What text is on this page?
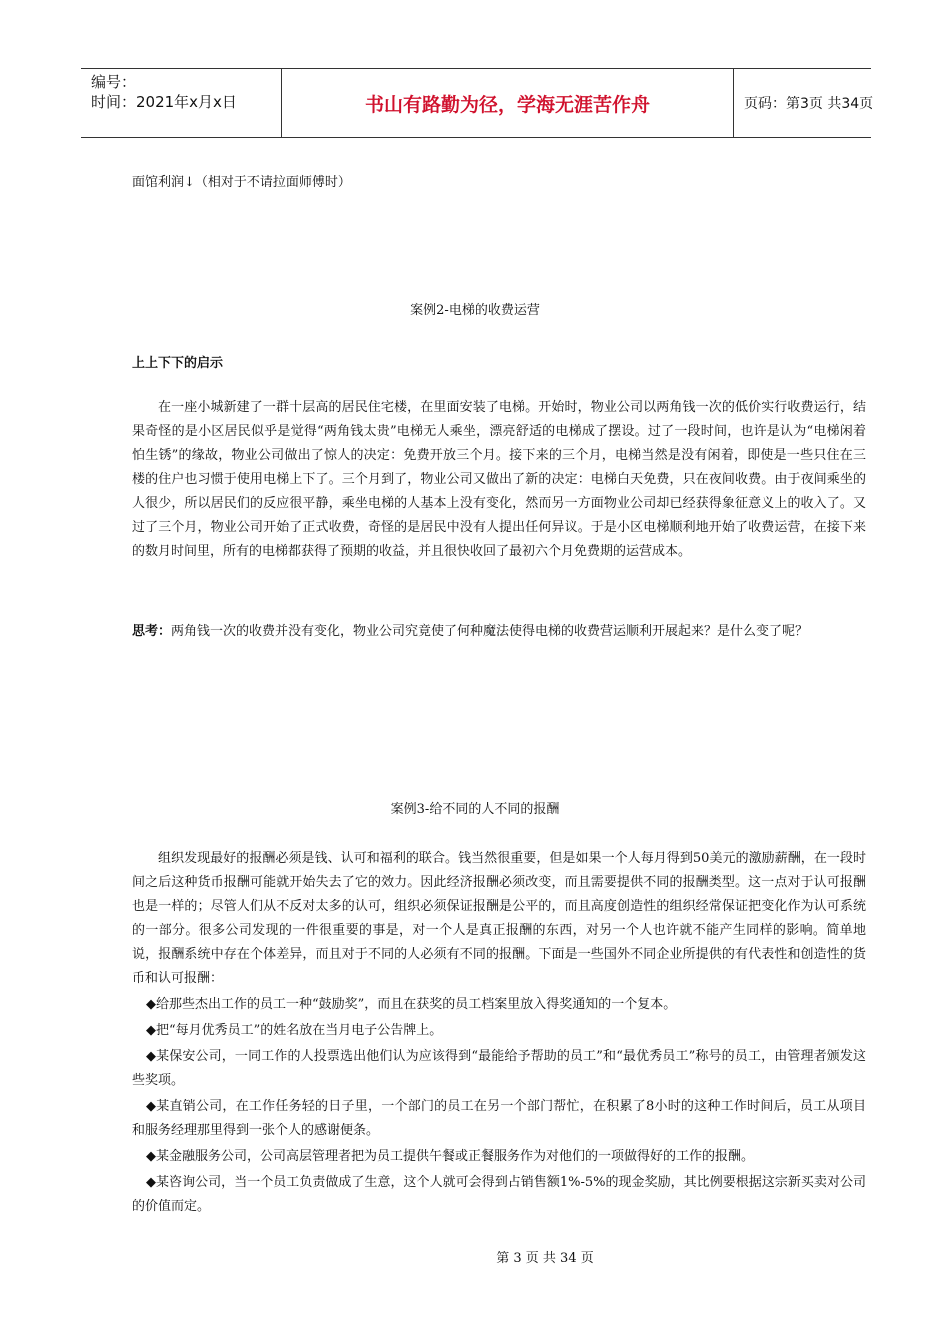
编号：
时间：2021年x月x日	书山有路勤为径，学海无涯苦作舟	页码：第3页 共34页
面馆利润↓（相对于不请拉面师傅时）
案例2-电梯的收费运营
上上下下的启示

在一座小城新建了一群十层高的居民住宅楼，在里面安装了电梯。开始时，物业公司以两角钱一次的低价实行收费运行，结果奇怪的是小区居民似乎是觉得“两角钱太贵”电梯无人乘坐，漂亮舒适的电梯成了摆设。过了一段时间，也许是认为“电梯闲着怕生锈”的缘故，物业公司做出了惊人的决定：免费开放三个月。接下来的三个月，电梯当然是没有闲着，即使是一些只住在三楼的住户也习惯于使用电梯上下了。三个月到了，物业公司又做出了新的决定：电梯白天免费，只在夜间收费。由于夜间乘坐的人很少，所以居民们的反应很平静，乘坐电梯的人基本上没有变化，然而另一方面物业公司却已经获得象征意义上的收入了。又过了三个月，物业公司开始了正式收费，奇怪的是居民中没有人提出任何异议。于是小区电梯顺利地开始了收费运营，在接下来的数月时间里，所有的电梯都获得了预期的收益，并且很快收回了最初六个月免费期的运营成本。

思考：两角钱一次的收费并没有变化，物业公司究竟使了何种魔法使得电梯的收费营运顺利开展起来？是什么变了呢？

案例3-给不同的人不同的报酬

组织发现最好的报酬必须是钱、认可和福利的联合。钱当然很重要，但是如果一个人每月得到50美元的激励薪酬，在一段时间之后这种货币报酬可能就开始失去了它的效力。因此经济报酬必须改变，而且需要提供不同的报酬类型。这一点对于认可报酬也是一样的；尽管人们从不反对太多的认可，组织必须保证报酬是公平的，而且高度创造性的组织经常保证把变化作为认可系统的一部分。很多公司发现的一件很重要的事是，对一个人是真正报酬的东西，对另一个人也许就不能产生同样的影响。简单地说，报酬系统中存在个体差异，而且对于不同的人必须有不同的报酬。下面是一些国外不同企业所提供的有代表性和创造性的货币和认可报酬：

◆给那些杰出工作的员工一种“鼓励奖”，而且在获奖的员工档案里放入得奖通知的一个复本。
◆把“每月优秀员工”的姓名放在当月电子公告牌上。
◆某保安公司，一同工作的人投票选出他们认为应该得到“最能给予帮助的员工”和“最优秀员工”称号的员工，由管理者颁发这些奖项。
◆某直销公司，在工作任务轻的日子里，一个部门的员工在另一个部门帮忙，在积累了8小时的这种工作时间后，员工从项目和服务经理那里得到一张个人的感谢便条。
◆某金融服务公司，公司高层管理者把为员工提供午餐或正餐服务作为对他们的一项做得好的工作的报酬。
◆某咨询公司，当一个员工负责做成了生意，这个人就可会得到占销售额1%-5%的现金奖励，其比例要根据这宗新买卖对公司的价值而定。
第 3 页 共 34 页
